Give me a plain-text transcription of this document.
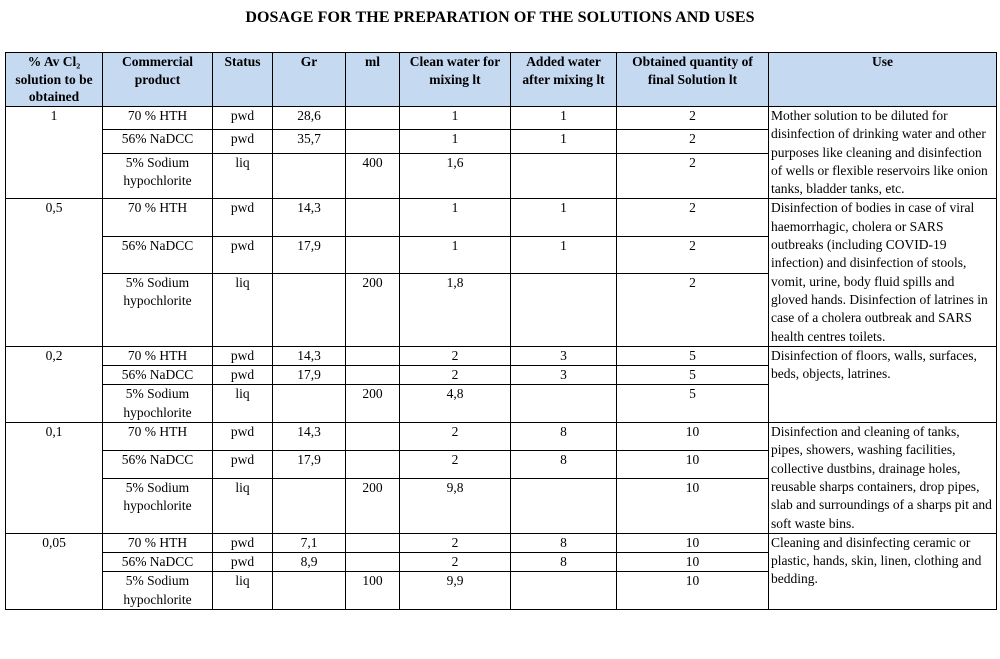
DOSAGE FOR THE PREPARATION OF THE SOLUTIONS AND USES
% Av Cl₂ solution to be obtained	Commercial product	Status	Gr	ml	Clean water for mixing lt	Added water after mixing lt	Obtained quantity of final Solution lt	Use
1	70 % HTH	pwd	28,6		1	1	2	Mother solution to be diluted for disinfection of drinking water and other purposes like cleaning and disinfection of wells or flexible reservoirs like onion tanks, bladder tanks, etc.
	56% NaDCC	pwd	35,7		1	1	2	
	5% Sodium hypochlorite	liq		400	1,6		2	
0,5	70 % HTH	pwd	14,3		1	1	2	Disinfection of bodies in case of viral haemorrhagic, cholera or SARS outbreaks (including COVID-19 infection) and disinfection of stools, vomit, urine, body fluid spills and gloved hands. Disinfection of latrines in case of a cholera outbreak and SARS health centres toilets.
	56% NaDCC	pwd	17,9		1	1	2	
	5% Sodium hypochlorite	liq		200	1,8		2	
0,2	70 % HTH	pwd	14,3		2	3	5	Disinfection of floors, walls, surfaces, beds, objects, latrines.
	56% NaDCC	pwd	17,9		2	3	5	
	5% Sodium hypochlorite	liq		200	4,8		5	
0,1	70 % HTH	pwd	14,3		2	8	10	Disinfection and cleaning of tanks, pipes, showers, washing facilities, collective dustbins, drainage holes, reusable sharps containers, drop pipes, slab and surroundings of a sharps pit and soft waste bins.
	56% NaDCC	pwd	17,9		2	8	10	
	5% Sodium hypochlorite	liq		200	9,8		10	
0,05	70 % HTH	pwd	7,1		2	8	10	Cleaning and disinfecting ceramic or plastic, hands, skin, linen, clothing and bedding.
	56% NaDCC	pwd	8,9		2	8	10	
	5% Sodium hypochlorite	liq		100	9,9		10	
